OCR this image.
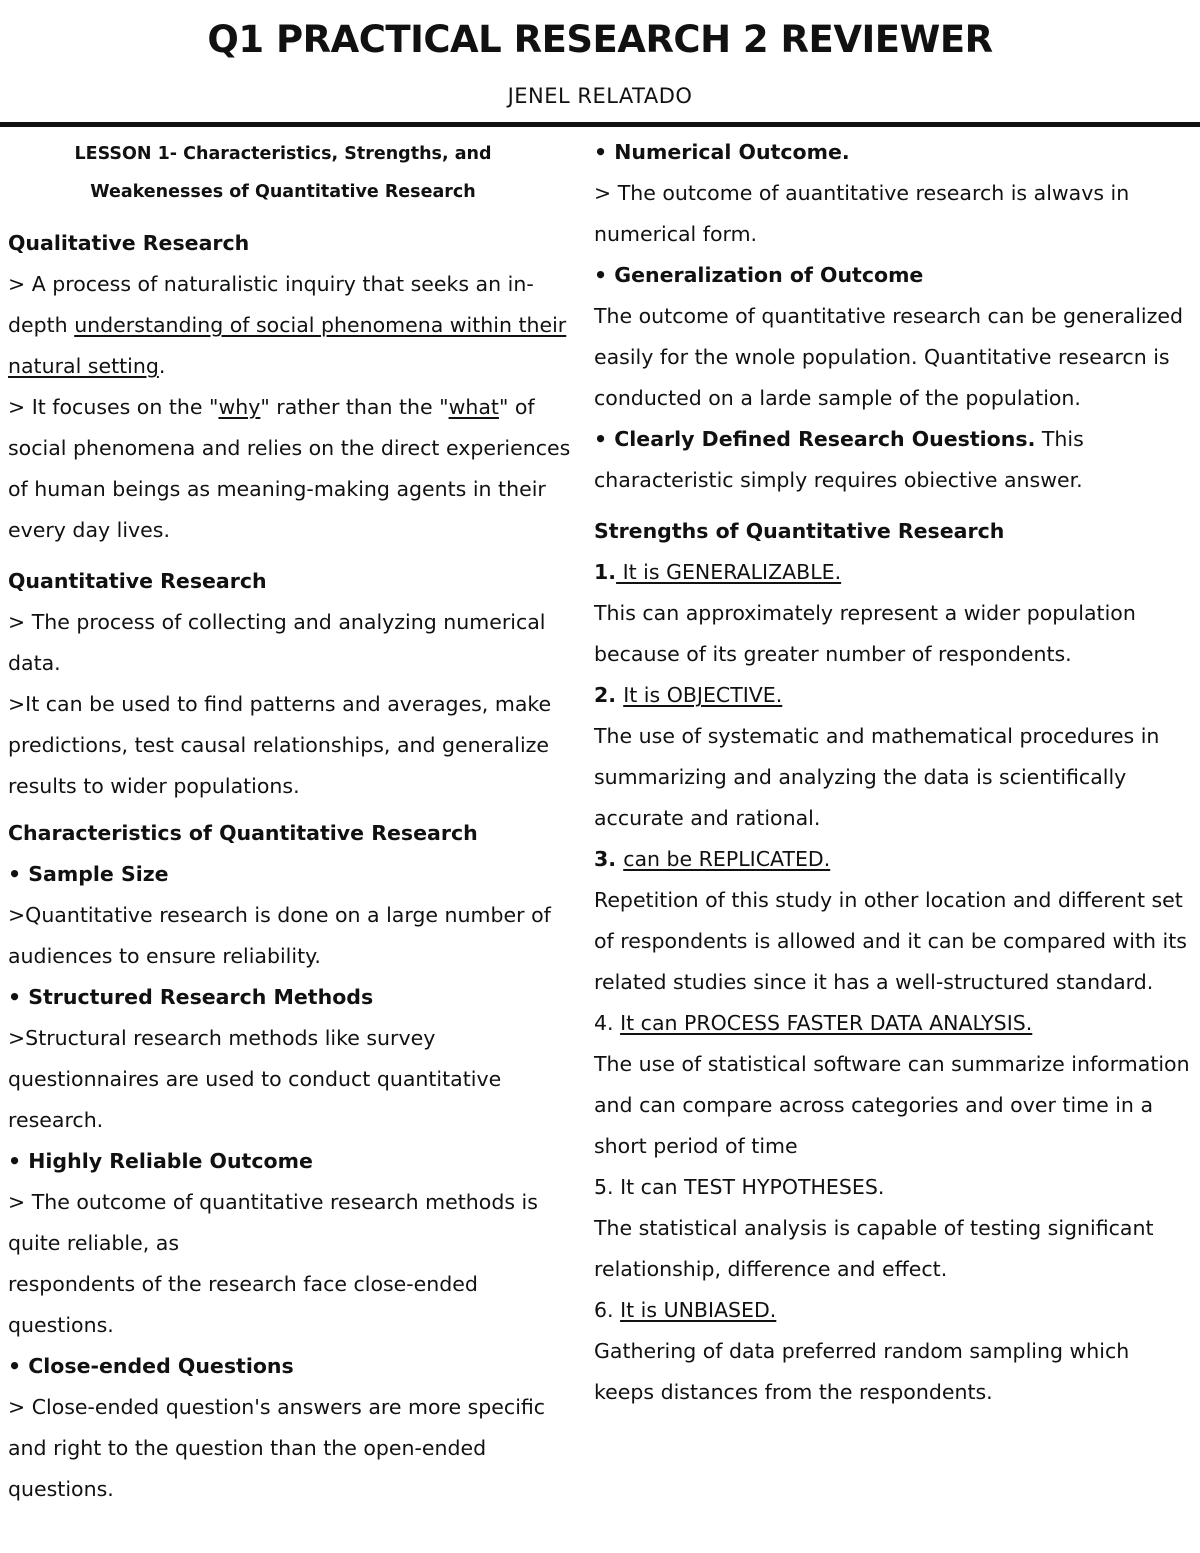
Q1 PRACTICAL RESEARCH 2 REVIEWER
JENEL RELATADO

LESSON 1- Characteristics, Strengths, and Weakenesses of Quantitative Research

Qualitative Research

> A process of naturalistic inquiry that seeks an in-depth understanding of social phenomena within their natural setting.

> It focuses on the "why" rather than the "what" of social phenomena and relies on the direct experiences of human beings as meaning-making agents in their every day lives.

Quantitative Research

> The process of collecting and analyzing numerical data.

>It can be used to find patterns and averages, make predictions, test causal relationships, and generalize results to wider populations.

Characteristics of Quantitative Research

• Sample Size

>Quantitative research is done on a large number of audiences to ensure reliability.

• Structured Research Methods

>Structural research methods like survey questionnaires are used to conduct quantitative research.

• Highly Reliable Outcome

> The outcome of quantitative research methods is quite reliable, as

respondents of the research face close-ended questions.

• Close-ended Questions

> Close-ended question's answers are more specific and right to the question than the open-ended questions.

• Numerical Outcome.

> The outcome of auantitative research is alwavs in numerical form.

• Generalization of Outcome

The outcome of quantitative research can be generalized easily for the wnole population. Quantitative researcn is conducted on a larde sample of the population.

• Clearly Defined Research Ouestions. This characteristic simply requires obiective answer.

Strengths of Quantitative Research

1. It is GENERALIZABLE.

This can approximately represent a wider population because of its greater number of respondents.

2. It is OBJECTIVE.

The use of systematic and mathematical procedures in summarizing and analyzing the data is scientifically accurate and rational.

3. can be REPLICATED.

Repetition of this study in other location and different set of respondents is allowed and it can be compared with its related studies since it has a well-structured standard.

4. It can PROCESS FASTER DATA ANALYSIS.

The use of statistical software can summarize information and can compare across categories and over time in a short period of time

5. It can TEST HYPOTHESES.

The statistical analysis is capable of testing significant relationship, difference and effect.

6. It is UNBIASED.

Gathering of data preferred random sampling which keeps distances from the respondents.
